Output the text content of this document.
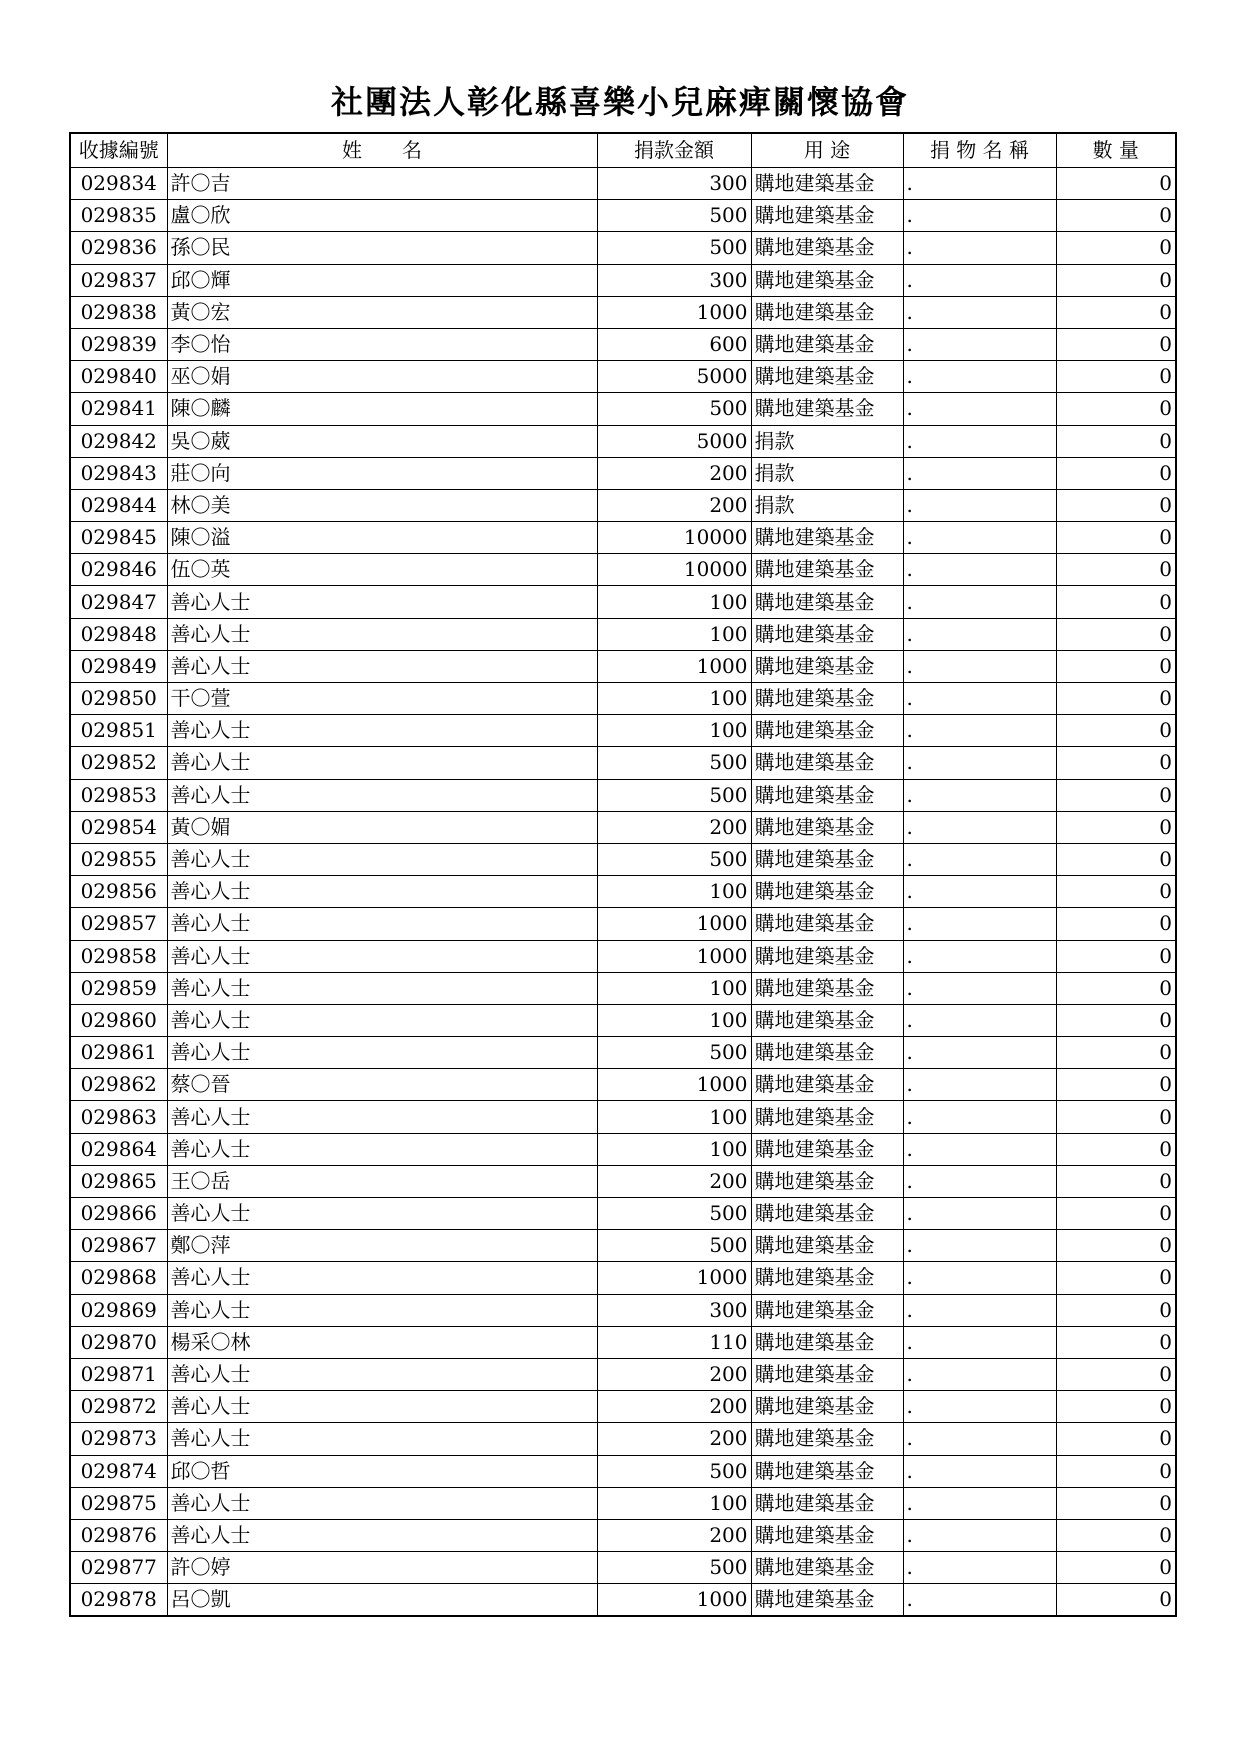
社團法人彰化縣喜樂小兒麻痺關懷協會
收據編號	姓　　名	捐款金額	用 途	捐 物 名 稱	數 量
029834	許〇吉	300	購地建築基金	.	0
029835	盧〇欣	500	購地建築基金	.	0
029836	孫〇民	500	購地建築基金	.	0
029837	邱〇輝	300	購地建築基金	.	0
029838	黃〇宏	1000	購地建築基金	.	0
029839	李〇怡	600	購地建築基金	.	0
029840	巫〇娟	5000	購地建築基金	.	0
029841	陳〇麟	500	購地建築基金	.	0
029842	吳〇葳	5000	捐款	.	0
029843	莊〇向	200	捐款	.	0
029844	林〇美	200	捐款	.	0
029845	陳〇溢	10000	購地建築基金	.	0
029846	伍〇英	10000	購地建築基金	.	0
029847	善心人士	100	購地建築基金	.	0
029848	善心人士	100	購地建築基金	.	0
029849	善心人士	1000	購地建築基金	.	0
029850	干〇萱	100	購地建築基金	.	0
029851	善心人士	100	購地建築基金	.	0
029852	善心人士	500	購地建築基金	.	0
029853	善心人士	500	購地建築基金	.	0
029854	黃〇媚	200	購地建築基金	.	0
029855	善心人士	500	購地建築基金	.	0
029856	善心人士	100	購地建築基金	.	0
029857	善心人士	1000	購地建築基金	.	0
029858	善心人士	1000	購地建築基金	.	0
029859	善心人士	100	購地建築基金	.	0
029860	善心人士	100	購地建築基金	.	0
029861	善心人士	500	購地建築基金	.	0
029862	蔡〇晉	1000	購地建築基金	.	0
029863	善心人士	100	購地建築基金	.	0
029864	善心人士	100	購地建築基金	.	0
029865	王〇岳	200	購地建築基金	.	0
029866	善心人士	500	購地建築基金	.	0
029867	鄭〇萍	500	購地建築基金	.	0
029868	善心人士	1000	購地建築基金	.	0
029869	善心人士	300	購地建築基金	.	0
029870	楊采〇林	110	購地建築基金	.	0
029871	善心人士	200	購地建築基金	.	0
029872	善心人士	200	購地建築基金	.	0
029873	善心人士	200	購地建築基金	.	0
029874	邱〇哲	500	購地建築基金	.	0
029875	善心人士	100	購地建築基金	.	0
029876	善心人士	200	購地建築基金	.	0
029877	許〇婷	500	購地建築基金	.	0
029878	呂〇凱	1000	購地建築基金	.	0
